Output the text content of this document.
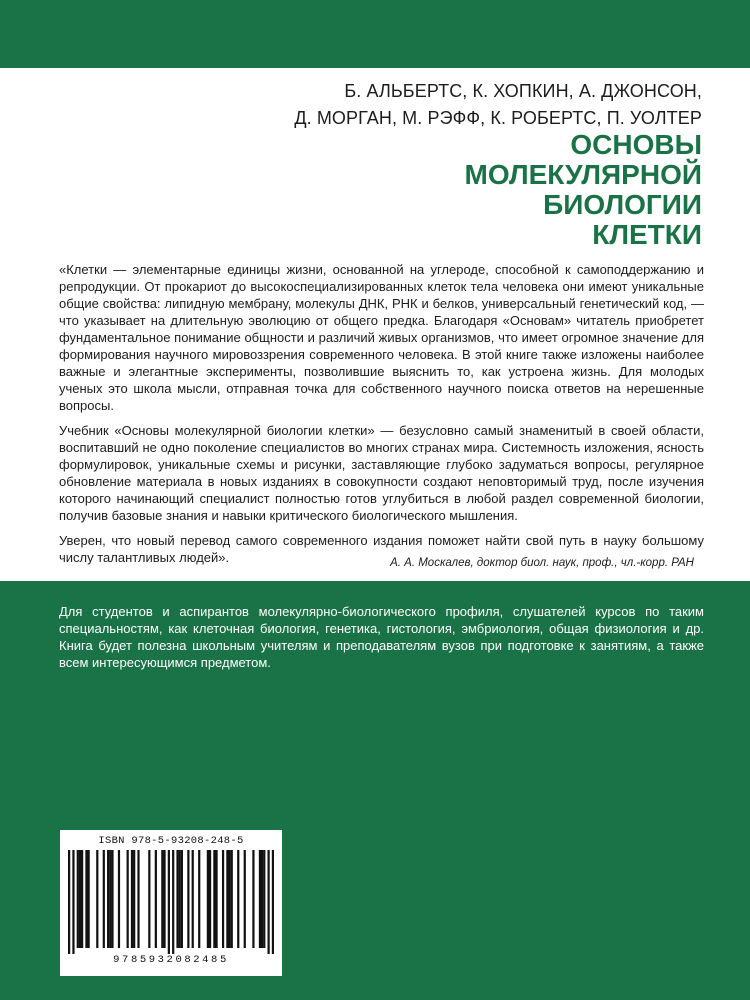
Б. АЛЬБЕРТС, К. ХОПКИН, А. ДЖОНСОН,
Д. МОРГАН, М. РЭФФ, К. РОБЕРТС, П. УОЛТЕР
ОСНОВЫ
МОЛЕКУЛЯРНОЙ
БИОЛОГИИ
КЛЕТКИ

«Клетки — элементарные единицы жизни, основанной на углероде, способной к самоподдержанию и репродукции. От прокариот до высокоспециализированных клеток тела человека они имеют уникальные общие свойства: липидную мембрану, молекулы ДНК, РНК и белков, универсальный генетический код, — что указывает на длительную эволюцию от общего предка. Благодаря «Основам» читатель приобретет фундаментальное понимание общности и различий живых организмов, что имеет огромное значение для формирования научного мировоззрения современного человека. В этой книге также изложены наиболее важные и элегантные эксперименты, позволившие выяснить то, как устроена жизнь. Для молодых ученых это школа мысли, отправная точка для собственного научного поиска ответов на нерешенные вопросы.

Учебник «Основы молекулярной биологии клетки» — безусловно самый знаменитый в своей области, воспитавший не одно поколение специалистов во многих странах мира. Системность изложения, ясность формулировок, уникальные схемы и рисунки, заставляющие глубоко задуматься вопросы, регулярное обновление материала в новых изданиях в совокупности создают неповторимый труд, после изучения которого начинающий специалист полностью готов углубиться в любой раздел современной биологии, получив базовые знания и навыки критического биологического мышления.

Уверен, что новый перевод самого современного издания поможет найти свой путь в науку большому числу талантливых людей».	А. А. Москалев, доктор биол. наук, проф., чл.-корр. РАН
Для студентов и аспирантов молекулярно-биологического профиля, слушателей курсов по таким специальностям, как клеточная биология, генетика, гистология, эмбриология, общая физиология и др. Книга будет полезна школьным учителям и преподавателям вузов при подготовке к занятиям, а также всем интересующимся предметом.
ISBN 978-5-93208-248-5
9785932082485
